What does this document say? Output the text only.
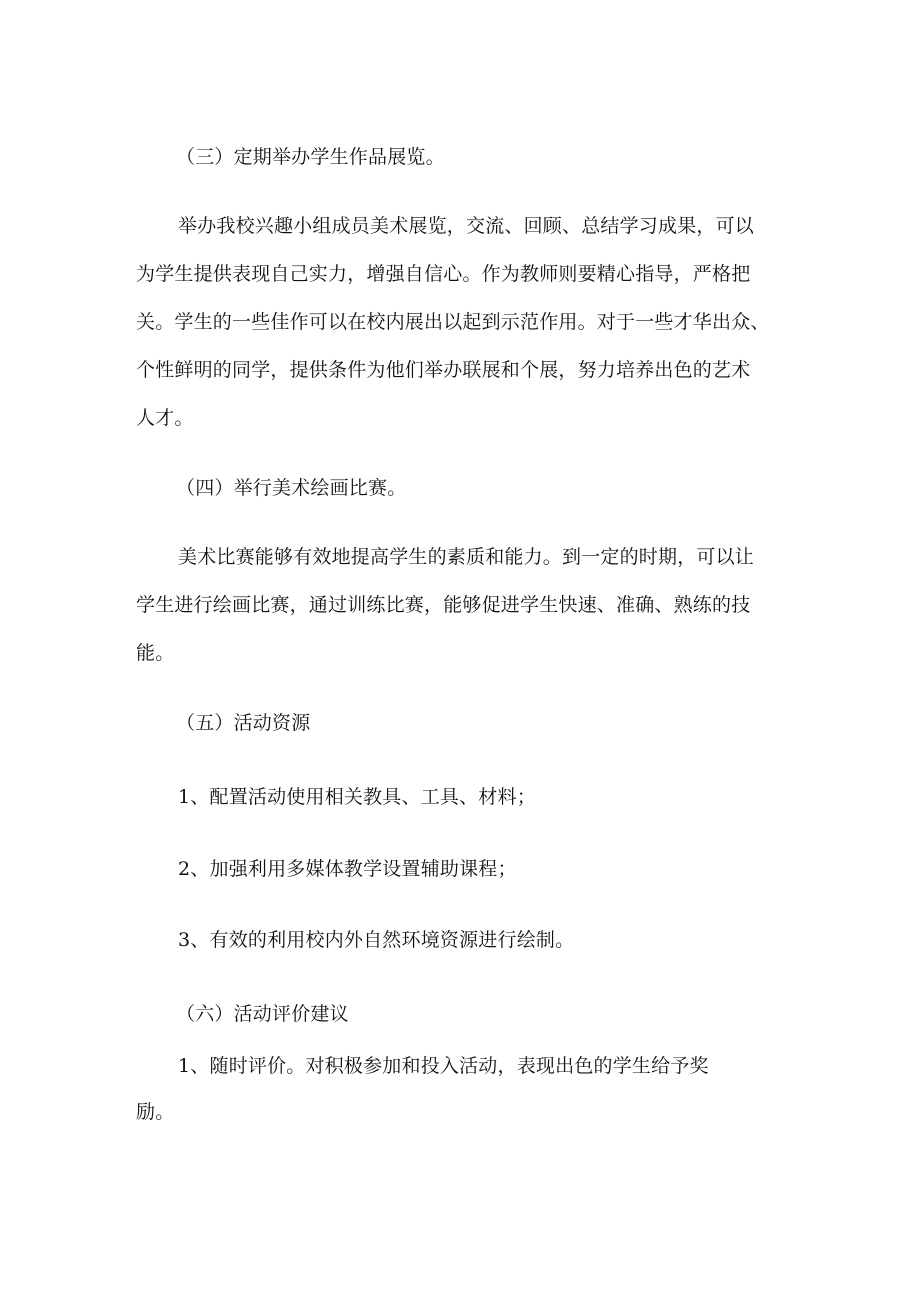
（三）定期举办学生作品展览。
举办我校兴趣小组成员美术展览，交流、回顾、总结学习成果，可以
为学生提供表现自己实力，增强自信心。作为教师则要精心指导，严格把
关。学生的一些佳作可以在校内展出以起到示范作用。对于一些才华出众、
个性鲜明的同学，提供条件为他们举办联展和个展，努力培养出色的艺术
人才。
（四）举行美术绘画比赛。
美术比赛能够有效地提高学生的素质和能力。到一定的时期，可以让
学生进行绘画比赛，通过训练比赛，能够促进学生快速、准确、熟练的技
能。
（五）活动资源
1、配置活动使用相关教具、工具、材料；
2、加强利用多媒体教学设置辅助课程；
3、有效的利用校内外自然环境资源进行绘制。
（六）活动评价建议
1、随时评价。对积极参加和投入活动，表现出色的学生给予奖
励。
